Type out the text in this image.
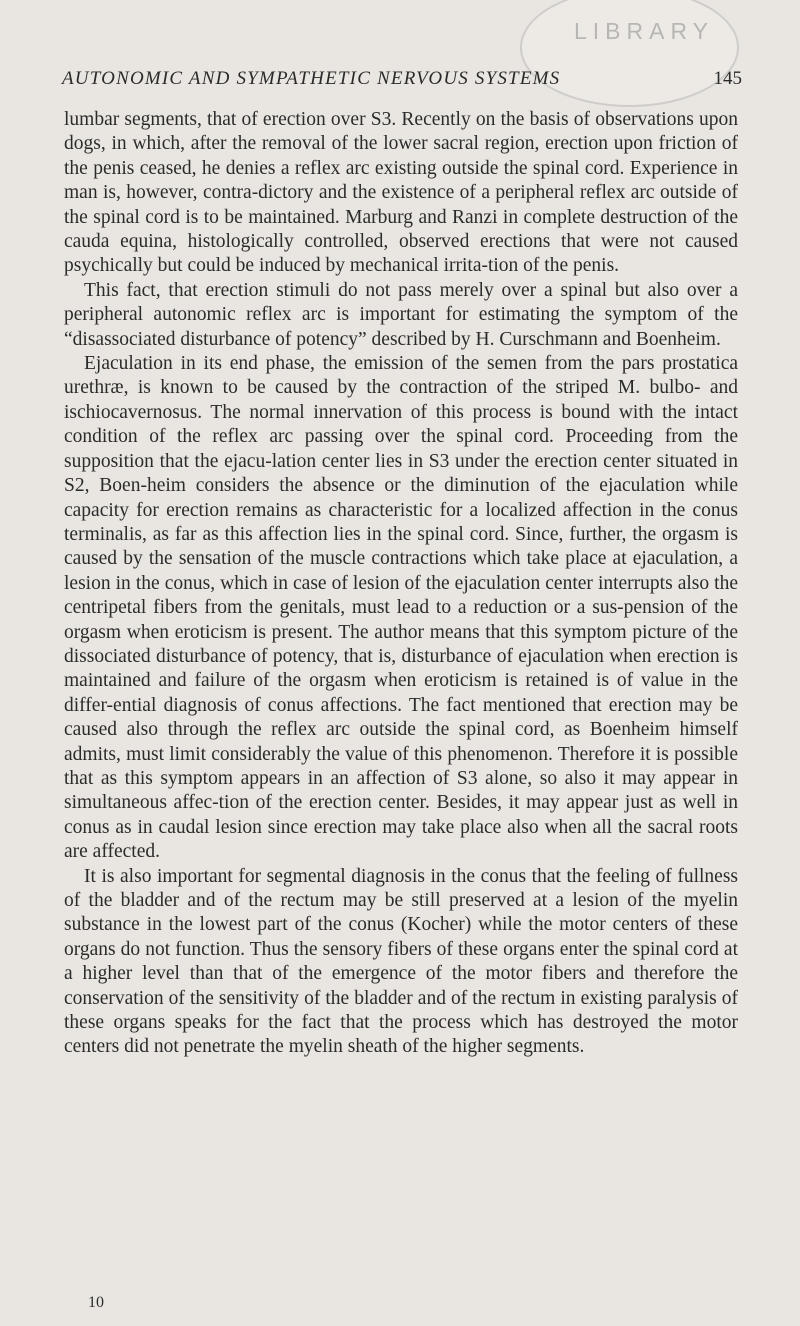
LIBRARY
AUTONOMIC AND SYMPATHETIC NERVOUS SYSTEMS	145

lumbar segments, that of erection over S3. Recently on the basis of observations upon dogs, in which, after the removal of the lower sacral region, erection upon friction of the penis ceased, he denies a reflex arc existing outside the spinal cord. Experience in man is, however, contra-dictory and the existence of a peripheral reflex arc outside of the spinal cord is to be maintained. Marburg and Ranzi in complete destruction of the cauda equina, histologically controlled, observed erections that were not caused psychically but could be induced by mechanical irrita-tion of the penis.

This fact, that erection stimuli do not pass merely over a spinal but also over a peripheral autonomic reflex arc is important for estimating the symptom of the “disassociated disturbance of potency” described by H. Curschmann and Boenheim.

Ejaculation in its end phase, the emission of the semen from the pars prostatica urethræ, is known to be caused by the contraction of the striped M. bulbo- and ischiocavernosus. The normal innervation of this process is bound with the intact condition of the reflex arc passing over the spinal cord. Proceeding from the supposition that the ejacu-lation center lies in S3 under the erection center situated in S2, Boen-heim considers the absence or the diminution of the ejaculation while capacity for erection remains as characteristic for a localized affection in the conus terminalis, as far as this affection lies in the spinal cord. Since, further, the orgasm is caused by the sensation of the muscle contractions which take place at ejaculation, a lesion in the conus, which in case of lesion of the ejaculation center interrupts also the centripetal fibers from the genitals, must lead to a reduction or a sus-pension of the orgasm when eroticism is present. The author means that this symptom picture of the dissociated disturbance of potency, that is, disturbance of ejaculation when erection is maintained and failure of the orgasm when eroticism is retained is of value in the differ-ential diagnosis of conus affections. The fact mentioned that erection may be caused also through the reflex arc outside the spinal cord, as Boenheim himself admits, must limit considerably the value of this phenomenon. Therefore it is possible that as this symptom appears in an affection of S3 alone, so also it may appear in simultaneous affec-tion of the erection center. Besides, it may appear just as well in conus as in caudal lesion since erection may take place also when all the sacral roots are affected.

It is also important for segmental diagnosis in the conus that the feeling of fullness of the bladder and of the rectum may be still preserved at a lesion of the myelin substance in the lowest part of the conus (Kocher) while the motor centers of these organs do not function. Thus the sensory fibers of these organs enter the spinal cord at a higher level than that of the emergence of the motor fibers and therefore the conservation of the sensitivity of the bladder and of the rectum in existing paralysis of these organs speaks for the fact that the process which has destroyed the motor centers did not penetrate the myelin sheath of the higher segments.

10
